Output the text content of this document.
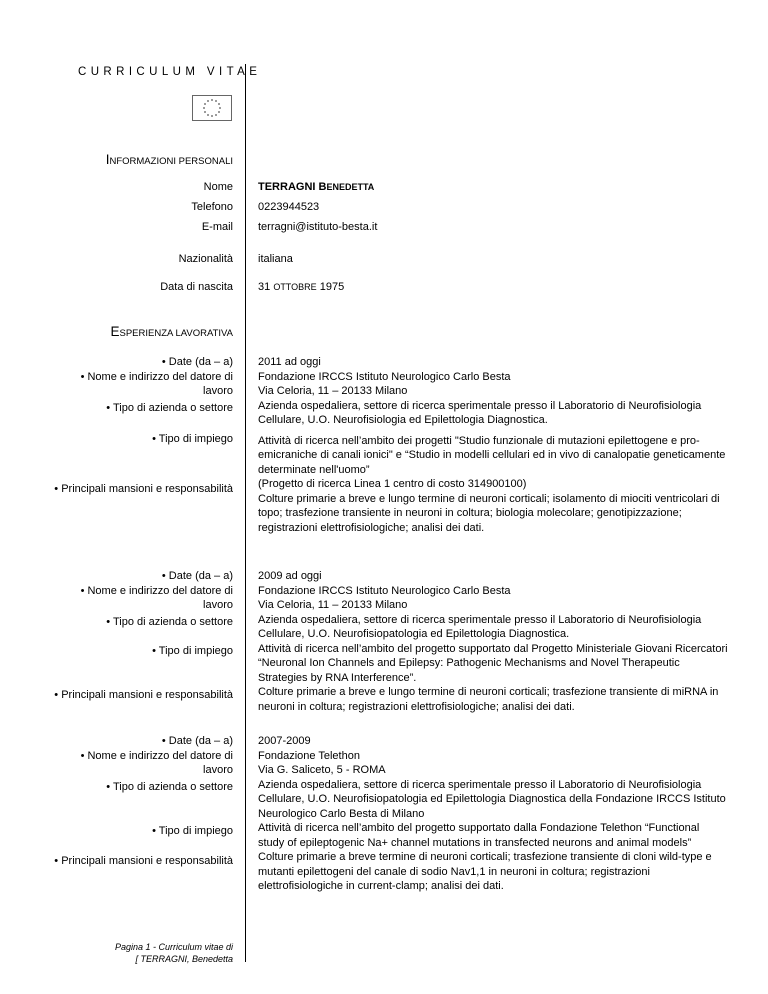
CURRICULUM VITAE
INFORMAZIONI PERSONALI
Nome TERRAGNI BENEDETTA
Telefono 0223944523
E-mail terragni@istituto-besta.it
Nazionalità italiana
Data di nascita 31 OTTOBRE 1975
ESPERIENZA LAVORATIVA
• Date (da – a)
• Nome e indirizzo del datore di
lavoro
• Tipo di azienda o settore
• Tipo di impiego
• Principali mansioni e responsabilità
2011 ad oggi
Fondazione IRCCS Istituto Neurologico Carlo Besta
Via Celoria, 11 – 20133 Milano
Azienda ospedaliera, settore di ricerca sperimentale presso il Laboratorio di Neurofisiologia
Cellulare, U.O. Neurofisiologia ed Epilettologia Diagnostica.
Attività di ricerca nell’ambito dei progetti "Studio funzionale di mutazioni epilettogene e pro-
emicraniche di canali ionici" e “Studio in modelli cellulari ed in vivo di canalopatie geneticamente
determinate nell'uomo”
(Progetto di ricerca Linea 1 centro di costo 314900100)
Colture primarie a breve e lungo termine di neuroni corticali; isolamento di miociti ventricolari di
topo; trasfezione transiente in neuroni in coltura; biologia molecolare; genotipizzazione;
registrazioni elettrofisiologiche; analisi dei dati.
• Date (da – a)
• Nome e indirizzo del datore di
lavoro
• Tipo di azienda o settore
• Tipo di impiego
• Principali mansioni e responsabilità
2009 ad oggi
Fondazione IRCCS Istituto Neurologico Carlo Besta
Via Celoria, 11 – 20133 Milano
Azienda ospedaliera, settore di ricerca sperimentale presso il Laboratorio di Neurofisiologia
Cellulare, U.O. Neurofisiopatologia ed Epilettologia Diagnostica.
Attività di ricerca nell’ambito del progetto supportato dal Progetto Ministeriale Giovani Ricercatori
“Neuronal Ion Channels and Epilepsy: Pathogenic Mechanisms and Novel Therapeutic
Strategies by RNA Interference”.
Colture primarie a breve e lungo termine di neuroni corticali; trasfezione transiente di miRNA in
neuroni in coltura; registrazioni elettrofisiologiche; analisi dei dati.
• Date (da – a)
• Nome e indirizzo del datore di
lavoro
• Tipo di azienda o settore
• Tipo di impiego
• Principali mansioni e responsabilità
2007-2009
Fondazione Telethon
Via G. Saliceto, 5 - ROMA
Azienda ospedaliera, settore di ricerca sperimentale presso il Laboratorio di Neurofisiologia
Cellulare, U.O. Neurofisiopatologia ed Epilettologia Diagnostica della Fondazione IRCCS Istituto
Neurologico Carlo Besta di Milano
Attività di ricerca nell’ambito del progetto supportato dalla Fondazione Telethon “Functional
study of epileptogenic Na+ channel mutations in transfected neurons and animal models”
Colture primarie a breve termine di neuroni corticali; trasfezione transiente di cloni wild-type e
mutanti epilettogeni del canale di sodio Nav1,1 in neuroni in coltura; registrazioni
elettrofisiologiche in current-clamp; analisi dei dati.
Pagina 1 - Curriculum vitae di
[ TERRAGNI, Benedetta
